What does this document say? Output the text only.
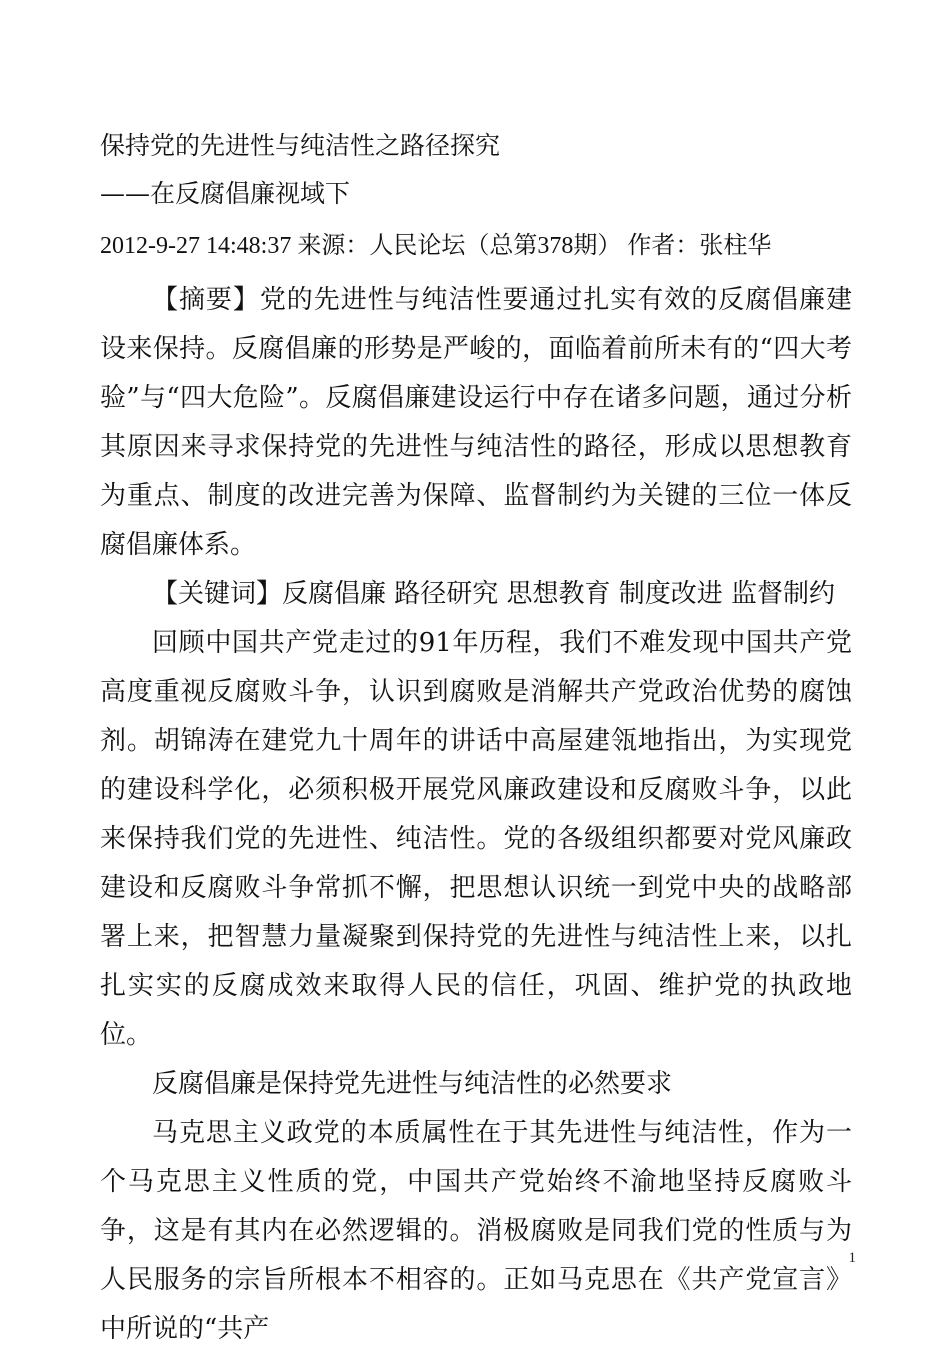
保持党的先进性与纯洁性之路径探究
——在反腐倡廉视域下
2012-9-27 14:48:37 来源：人民论坛（总第378期） 作者：张柱华

【摘要】党的先进性与纯洁性要通过扎实有效的反腐倡廉建设来保持。反腐倡廉的形势是严峻的，面临着前所未有的“四大考验”与“四大危险”。反腐倡廉建设运行中存在诸多问题，通过分析其原因来寻求保持党的先进性与纯洁性的路径，形成以思想教育为重点、制度的改进完善为保障、监督制约为关键的三位一体反腐倡廉体系。

【关键词】反腐倡廉 路径研究 思想教育 制度改进 监督制约

回顾中国共产党走过的91年历程，我们不难发现中国共产党高度重视反腐败斗争，认识到腐败是消解共产党政治优势的腐蚀剂。胡锦涛在建党九十周年的讲话中高屋建瓴地指出，为实现党的建设科学化，必须积极开展党风廉政建设和反腐败斗争，以此来保持我们党的先进性、纯洁性。党的各级组织都要对党风廉政建设和反腐败斗争常抓不懈，把思想认识统一到党中央的战略部署上来，把智慧力量凝聚到保持党的先进性与纯洁性上来，以扎扎实实的反腐成效来取得人民的信任，巩固、维护党的执政地位。

反腐倡廉是保持党先进性与纯洁性的必然要求

马克思主义政党的本质属性在于其先进性与纯洁性，作为一个马克思主义性质的党，中国共产党始终不渝地坚持反腐败斗争，这是有其内在必然逻辑的。消极腐败是同我们党的性质与为人民服务的宗旨所根本不相容的。正如马克思在《共产党宣言》中所说的“共产

1
